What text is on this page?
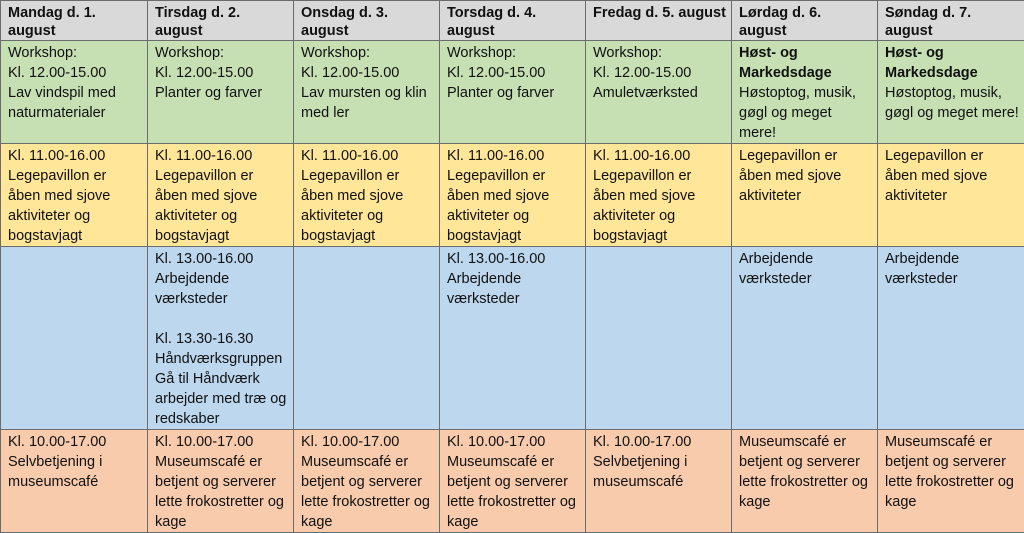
Mandag d. 1. august	Tirsdag d. 2. august	Onsdag d. 3. august	Torsdag d. 4. august	Fredag d. 5. august	Lørdag d. 6. august	Søndag d. 7. august

Workshop:
Kl. 12.00-15.00
Lav vindspil med naturmaterialer	Workshop:
Kl. 12.00-15.00
Planter og farver	Workshop:
Kl. 12.00-15.00
Lav mursten og klin med ler	Workshop:
Kl. 12.00-15.00
Planter og farver	Workshop:
Kl. 12.00-15.00
Amuletværksted	Høst- og Markedsdage
Høstoptog, musik, gøgl og meget mere!	Høst- og Markedsdage
Høstoptog, musik, gøgl og meget mere!

Kl. 11.00-16.00
Legepavillon er åben med sjove aktiviteter og bogstavjagt	Kl. 11.00-16.00
Legepavillon er åben med sjove aktiviteter og bogstavjagt	Kl. 11.00-16.00
Legepavillon er åben med sjove aktiviteter og bogstavjagt	Kl. 11.00-16.00
Legepavillon er åben med sjove aktiviteter og bogstavjagt	Kl. 11.00-16.00
Legepavillon er åben med sjove aktiviteter og bogstavjagt	Legepavillon er åben med sjove aktiviteter	Legepavillon er åben med sjove aktiviteter

	Kl. 13.00-16.00
Arbejdende værksteder
Kl. 13.30-16.30
Håndværksgruppen Gå til Håndværk arbejder med træ og redskaber		Kl. 13.00-16.00
Arbejdende værksteder		Arbejdende værksteder	Arbejdende værksteder

Kl. 10.00-17.00
Selvbetjening i museumscafé	Kl. 10.00-17.00
Museumscafé er betjent og serverer lette frokostretter og kage	Kl. 10.00-17.00
Museumscafé er betjent og serverer lette frokostretter og kage	Kl. 10.00-17.00
Museumscafé er betjent og serverer lette frokostretter og kage	Kl. 10.00-17.00
Selvbetjening i museumscafé	Museumscafé er betjent og serverer lette frokostretter og kage	Museumscafé er betjent og serverer lette frokostretter og kage
